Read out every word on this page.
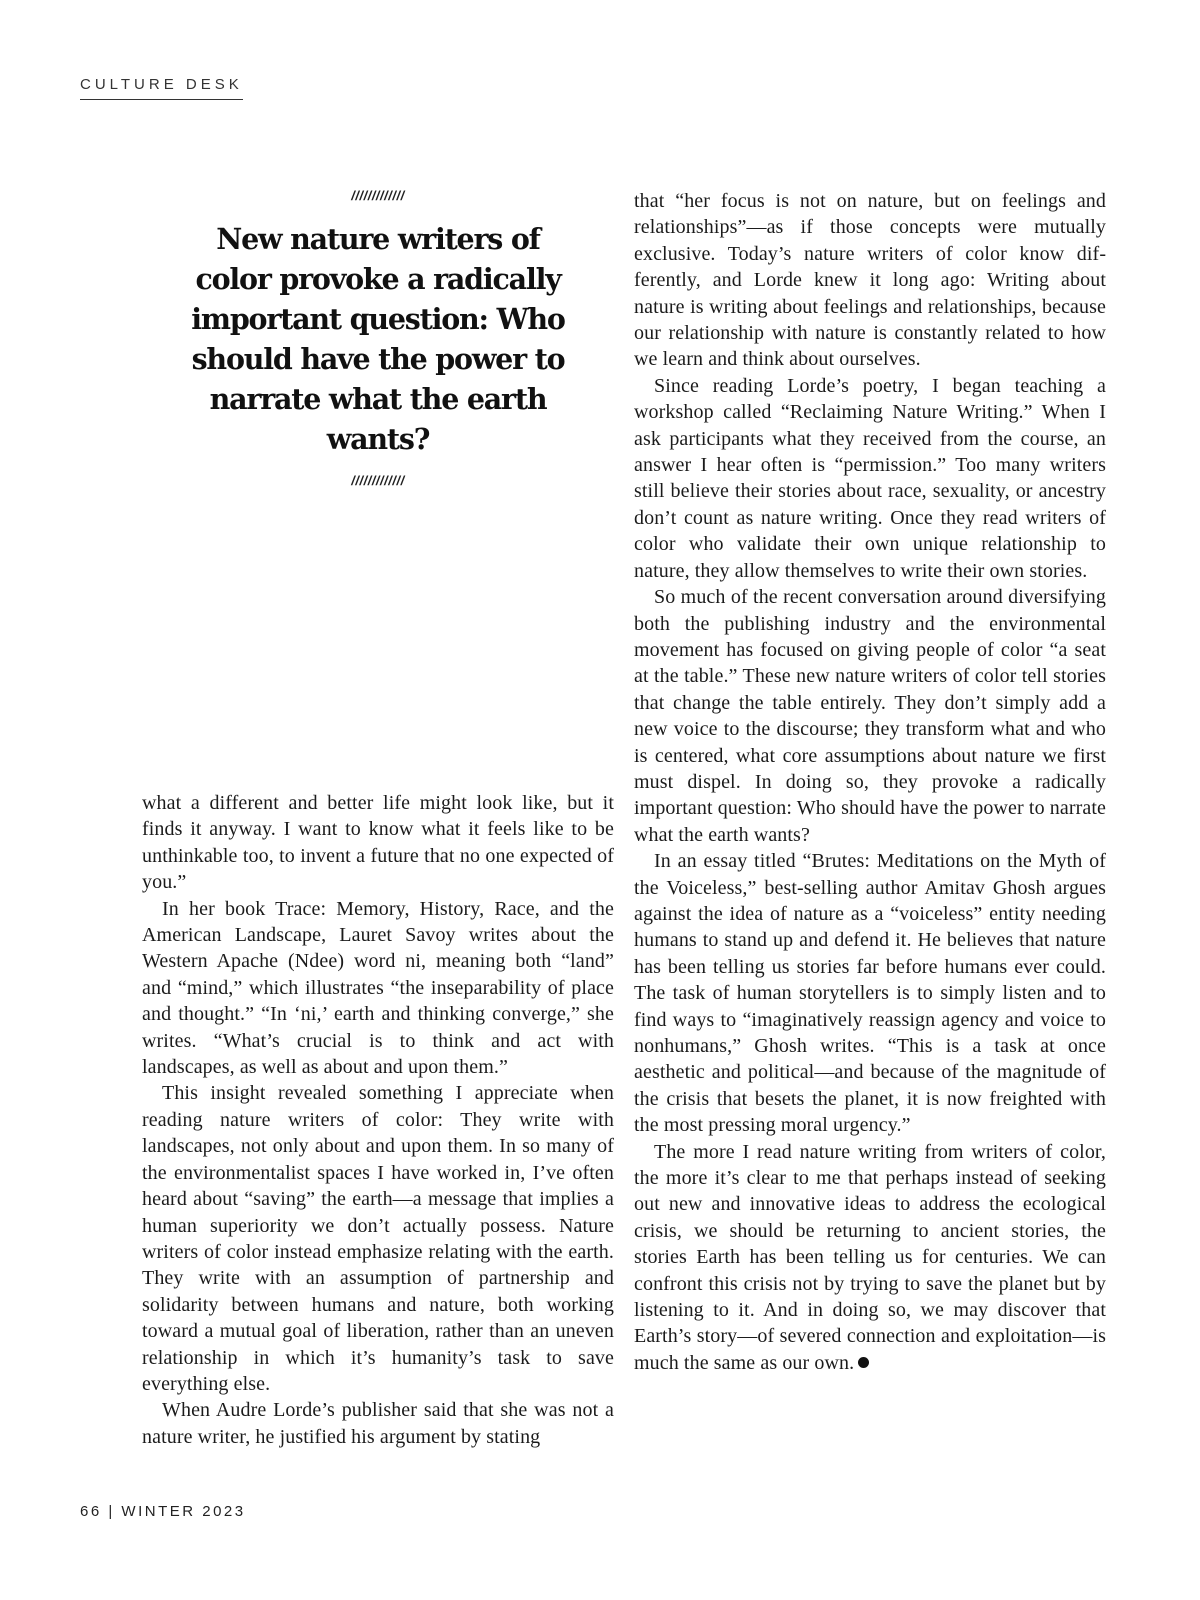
CULTURE DESK
/////////////
New nature writers of color provoke a radically important question: Who should have the power to narrate what the earth wants?
/////////////

what a different and better life might look like, but it finds it anyway. I want to know what it feels like to be unthinkable too, to invent a future that no one expected of you.”

In her book Trace: Memory, History, Race, and the American Landscape, Lauret Savoy writes about the Western Apache (Ndee) word ni, meaning both “land” and “mind,” which illustrates “the inseparability of place and thought.” “In ‘ni,’ earth and thinking converge,” she writes. “What’s crucial is to think and act with landscapes, as well as about and upon them.”

This insight revealed something I appreciate when reading nature writers of color: They write with landscapes, not only about and upon them. In so many of the environmentalist spaces I have worked in, I’ve often heard about “saving” the earth—a message that implies a human superiority we don’t actually possess. Nature writers of color instead emphasize relating with the earth. They write with an assumption of partnership and solidarity between humans and nature, both working toward a mutual goal of liberation, rather than an uneven relationship in which it’s humanity’s task to save everything else.

When Audre Lorde’s publisher said that she was not a nature writer, he justified his argument by stating

that “her focus is not on nature, but on feelings and relationships”—as if those concepts were mutually exclusive. Today’s nature writers of color know differently, and Lorde knew it long ago: Writing about nature is writing about feelings and relationships, because our relationship with nature is constantly related to how we learn and think about ourselves.

Since reading Lorde’s poetry, I began teaching a workshop called “Reclaiming Nature Writing.” When I ask participants what they received from the course, an answer I hear often is “permission.” Too many writers still believe their stories about race, sexuality, or ancestry don’t count as nature writing. Once they read writers of color who validate their own unique relationship to nature, they allow themselves to write their own stories.

So much of the recent conversation around diversifying both the publishing industry and the environmental movement has focused on giving people of color “a seat at the table.” These new nature writers of color tell stories that change the table entirely. They don’t simply add a new voice to the discourse; they transform what and who is centered, what core assumptions about nature we first must dispel. In doing so, they provoke a radically important question: Who should have the power to narrate what the earth wants?

In an essay titled “Brutes: Meditations on the Myth of the Voiceless,” best-selling author Amitav Ghosh argues against the idea of nature as a “voiceless” entity needing humans to stand up and defend it. He believes that nature has been telling us stories far before humans ever could. The task of human storytellers is to simply listen and to find ways to “imaginatively reassign agency and voice to nonhumans,” Ghosh writes. “This is a task at once aesthetic and political—and because of the magnitude of the crisis that besets the planet, it is now freighted with the most pressing moral urgency.”

The more I read nature writing from writers of color, the more it’s clear to me that perhaps instead of seeking out new and innovative ideas to address the ecological crisis, we should be returning to ancient stories, the stories Earth has been telling us for centuries. We can confront this crisis not by trying to save the planet but by listening to it. And in doing so, we may discover that Earth’s story—of severed connection and exploitation—is much the same as our own.

66 | WINTER 2023
